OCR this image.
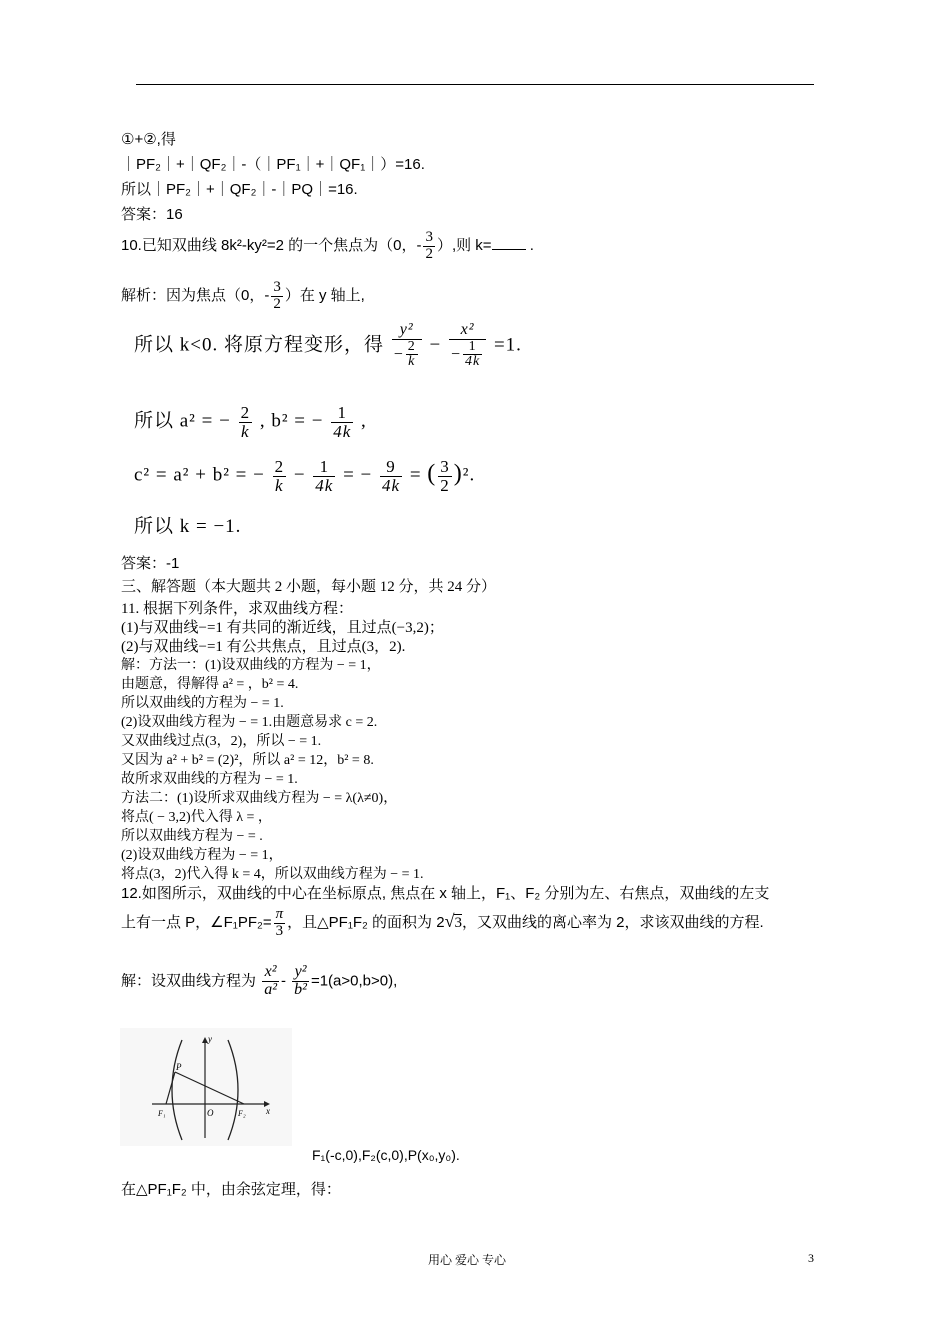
①+②,得
｜PF₂｜+｜QF₂｜-（｜PF₁｜+｜QF₁｜）=16.
所以｜PF₂｜+｜QF₂｜-｜PQ｜=16.
答案：16
10.已知双曲线 8k²-ky²=2 的一个焦点为（0，- $\frac{3}{2}$ ）,则 k=	.
解析：因为焦点（0，- $\frac{3}{2}$ ）在 y 轴上,
所以 k<0. 将原方程变形，得 $\frac{\text{y²}}{- \frac{2}{k}} - \frac{\text{x²}}{- \frac{1}{4k}} =1$.
所以 a² = − $\frac{2}{k}$ , b² = − $\frac{1}{4k}$ ,
c² = a² + b² = − $\frac{2}{k} - \frac{1}{4k}$ = − $\frac{9}{4k}$ = ( $\frac{3}{2} )^2$.
所以 k = −1.
答案：-1
三、解答题（本大题共 2 小题，每小题 12 分，共 24 分）
11. 根据下列条件，求双曲线方程：
(1)与双曲线−=1 有共同的渐近线，且过点(−3,2)；
(2)与双曲线−=1 有公共焦点，且过点(3，2).
解：方法一：(1)设双曲线的方程为 − = 1，
由题意，得解得 a² = ，b² = 4.
所以双曲线的方程为 − = 1.
(2)设双曲线方程为 − = 1.由题意易求 c = 2.
又双曲线过点(3，2)，所以 − = 1.
又因为 a² + b² = (2)²，所以 a² = 12，b² = 8.
故所求双曲线的方程为 − = 1.
方法二：(1)设所求双曲线方程为 − = λ(λ≠0)，
将点( − 3,2)代入得 λ = ，
所以双曲线方程为 − = .
(2)设双曲线方程为 − = 1，
将点(3，2)代入得 k = 4，所以双曲线方程为 − = 1.
12.如图所示，双曲线的中心在坐标原点, 焦点在 x 轴上，F₁、F₂ 分别为左、右焦点，双曲线的左支
上有一点 P，∠F₁PF₂= $\frac{\pi}{3}$ ，且△PF₁F₂ 的面积为 2√3，又双曲线的离心率为 2，求该双曲线的方程.
解：设双曲线方程为 $\frac{\text{x²}}{\text{a²}} - \frac{\text{y²}}{\text{b²}} =1(a>0,b>0)$,
y
x
P
O
F₁	F₂
F₁(-c,0),F₂(c,0),P(x₀,y₀).
在△PF₁F₂ 中，由余弦定理，得：
用心 爱心 专心	3
